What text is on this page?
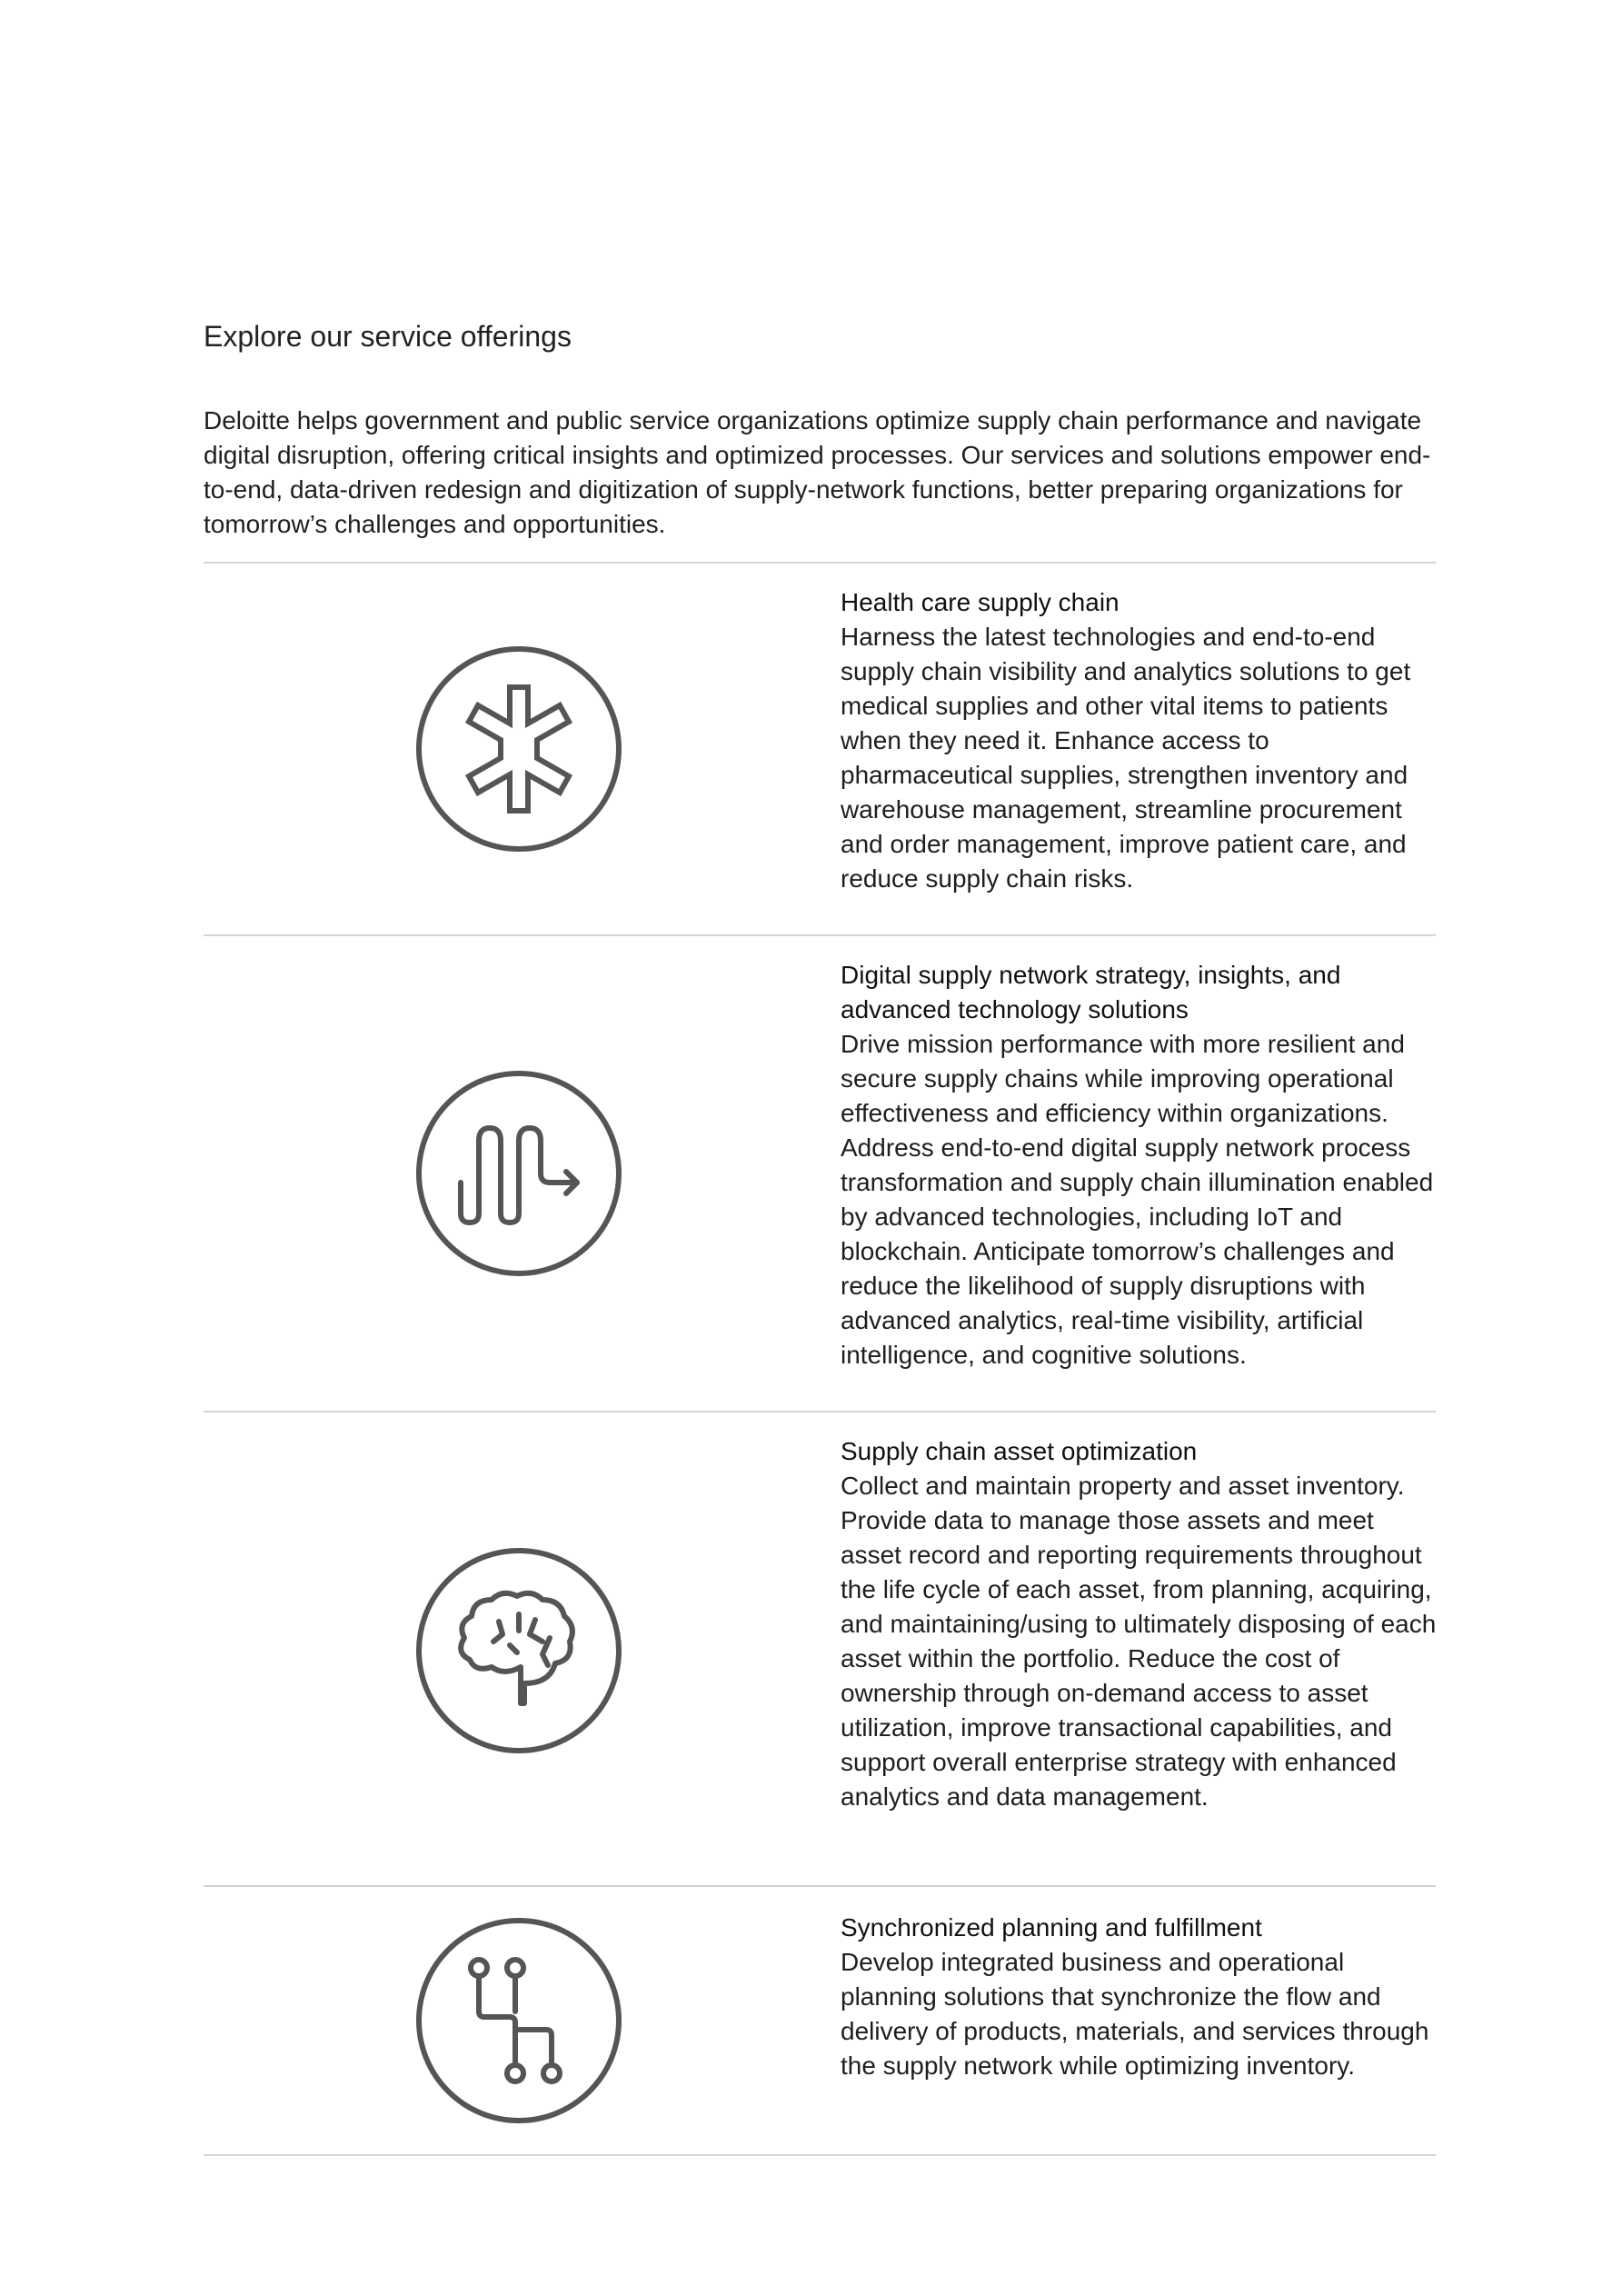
Explore our service offerings

Deloitte helps government and public service organizations optimize supply chain performance and navigate digital disruption, offering critical insights and optimized processes. Our services and solutions empower end-to-end, data-driven redesign and digitization of supply-network functions, better preparing organizations for tomorrow’s challenges and opportunities.

Health care supply chain

Harness the latest technologies and end-to-end supply chain visibility and analytics solutions to get medical supplies and other vital items to patients when they need it. Enhance access to pharmaceutical supplies, strengthen inventory and warehouse management, streamline procurement and order management, improve patient care, and reduce supply chain risks.

Digital supply network strategy, insights, and advanced technology solutions

Drive mission performance with more resilient and secure supply chains while improving operational effectiveness and efficiency within organizations. Address end-to-end digital supply network process transformation and supply chain illumination enabled by advanced technologies, including IoT and blockchain. Anticipate tomorrow’s challenges and reduce the likelihood of supply disruptions with advanced analytics, real-time visibility, artificial intelligence, and cognitive solutions.

Supply chain asset optimization

Collect and maintain property and asset inventory. Provide data to manage those assets and meet asset record and reporting requirements throughout the life cycle of each asset, from planning, acquiring, and maintaining/using to ultimately disposing of each asset within the portfolio. Reduce the cost of ownership through on-demand access to asset utilization, improve transactional capabilities, and support overall enterprise strategy with enhanced analytics and data management.

Synchronized planning and fulfillment

Develop integrated business and operational planning solutions that synchronize the flow and delivery of products, materials, and services through the supply network while optimizing inventory.
